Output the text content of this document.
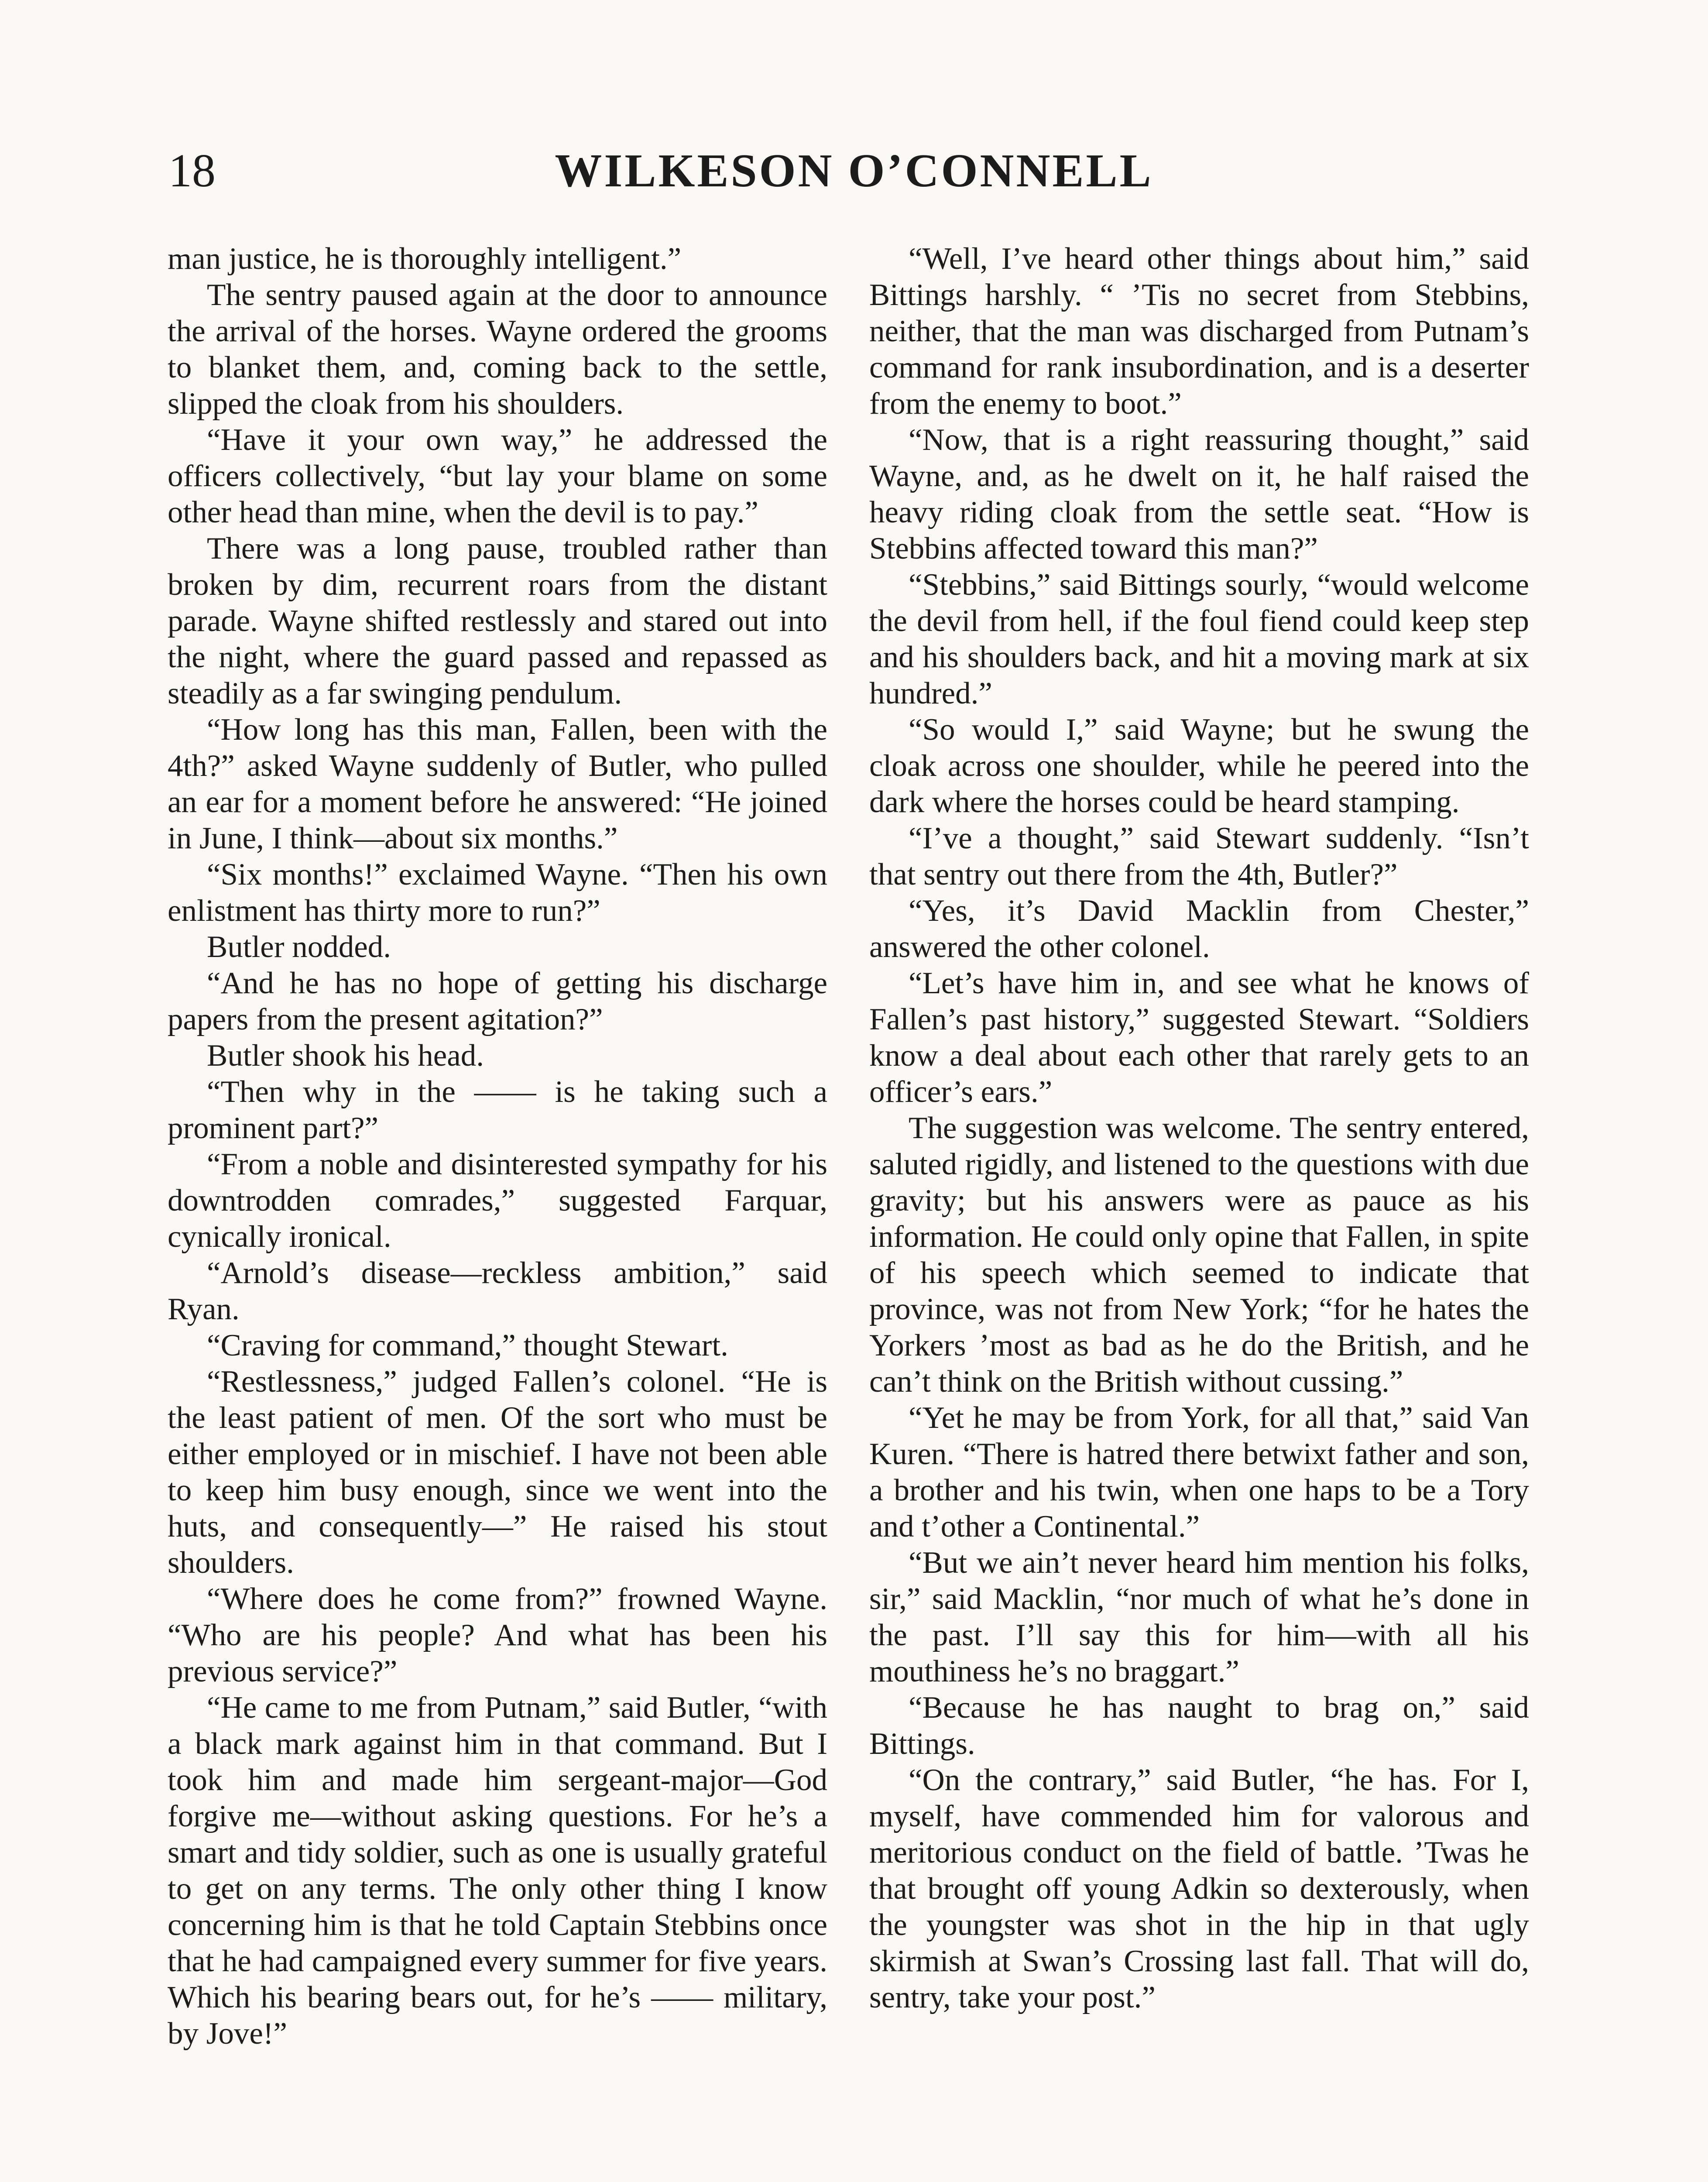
18	WILKESON O’CONNELL

man justice, he is thoroughly intelligent.”

The sentry paused again at the door to announce the arrival of the horses. Wayne ordered the grooms to blanket them, and, coming back to the settle, slipped the cloak from his shoulders.

“Have it your own way,” he addressed the officers collectively, “but lay your blame on some other head than mine, when the devil is to pay.”

There was a long pause, troubled rather than broken by dim, recurrent roars from the distant parade. Wayne shifted restlessly and stared out into the night, where the guard passed and repassed as steadily as a far swinging pendulum.

“How long has this man, Fallen, been with the 4th?” asked Wayne suddenly of Butler, who pulled an ear for a moment before he answered: “He joined in June, I think—about six months.”

“Six months!” exclaimed Wayne. “Then his own enlistment has thirty more to run?”

Butler nodded.

“And he has no hope of getting his discharge papers from the present agitation?”

Butler shook his head.

“Then why in the —— is he taking such a prominent part?”

“From a noble and disinterested sympathy for his downtrodden comrades,” suggested Farquar, cynically ironical.

“Arnold’s disease—reckless ambition,” said Ryan.

“Craving for command,” thought Stewart.

“Restlessness,” judged Fallen’s colonel. “He is the least patient of men. Of the sort who must be either employed or in mischief. I have not been able to keep him busy enough, since we went into the huts, and consequently—” He raised his stout shoulders.

“Where does he come from?” frowned Wayne. “Who are his people? And what has been his previous service?”

“He came to me from Putnam,” said Butler, “with a black mark against him in that command. But I took him and made him sergeant-major—God forgive me—without asking questions. For he’s a smart and tidy soldier, such as one is usually grateful to get on any terms. The only other thing I know concerning him is that he told Captain Stebbins once that he had campaigned every summer for five years. Which his bearing bears out, for he’s —— military, by Jove!”

“Well, I’ve heard other things about him,” said Bittings harshly. “ ’Tis no secret from Stebbins, neither, that the man was discharged from Putnam’s command for rank insubordination, and is a deserter from the enemy to boot.”

“Now, that is a right reassuring thought,” said Wayne, and, as he dwelt on it, he half raised the heavy riding cloak from the settle seat. “How is Stebbins affected toward this man?”

“Stebbins,” said Bittings sourly, “would welcome the devil from hell, if the foul fiend could keep step and his shoulders back, and hit a moving mark at six hundred.”

“So would I,” said Wayne; but he swung the cloak across one shoulder, while he peered into the dark where the horses could be heard stamping.

“I’ve a thought,” said Stewart suddenly. “Isn’t that sentry out there from the 4th, Butler?”

“Yes, it’s David Macklin from Chester,” answered the other colonel.

“Let’s have him in, and see what he knows of Fallen’s past history,” suggested Stewart. “Soldiers know a deal about each other that rarely gets to an officer’s ears.”

The suggestion was welcome. The sentry entered, saluted rigidly, and listened to the questions with due gravity; but his answers were as pauce as his information. He could only opine that Fallen, in spite of his speech which seemed to indicate that province, was not from New York; “for he hates the Yorkers ’most as bad as he do the British, and he can’t think on the British without cussing.”

“Yet he may be from York, for all that,” said Van Kuren. “There is hatred there betwixt father and son, a brother and his twin, when one haps to be a Tory and t’other a Continental.”

“But we ain’t never heard him mention his folks, sir,” said Macklin, “nor much of what he’s done in the past. I’ll say this for him—with all his mouthiness he’s no braggart.”

“Because he has naught to brag on,” said Bittings.

“On the contrary,” said Butler, “he has. For I, myself, have commended him for valorous and meritorious conduct on the field of battle. ’Twas he that brought off young Adkin so dexterously, when the youngster was shot in the hip in that ugly skirmish at Swan’s Crossing last fall. That will do, sentry, take your post.”
